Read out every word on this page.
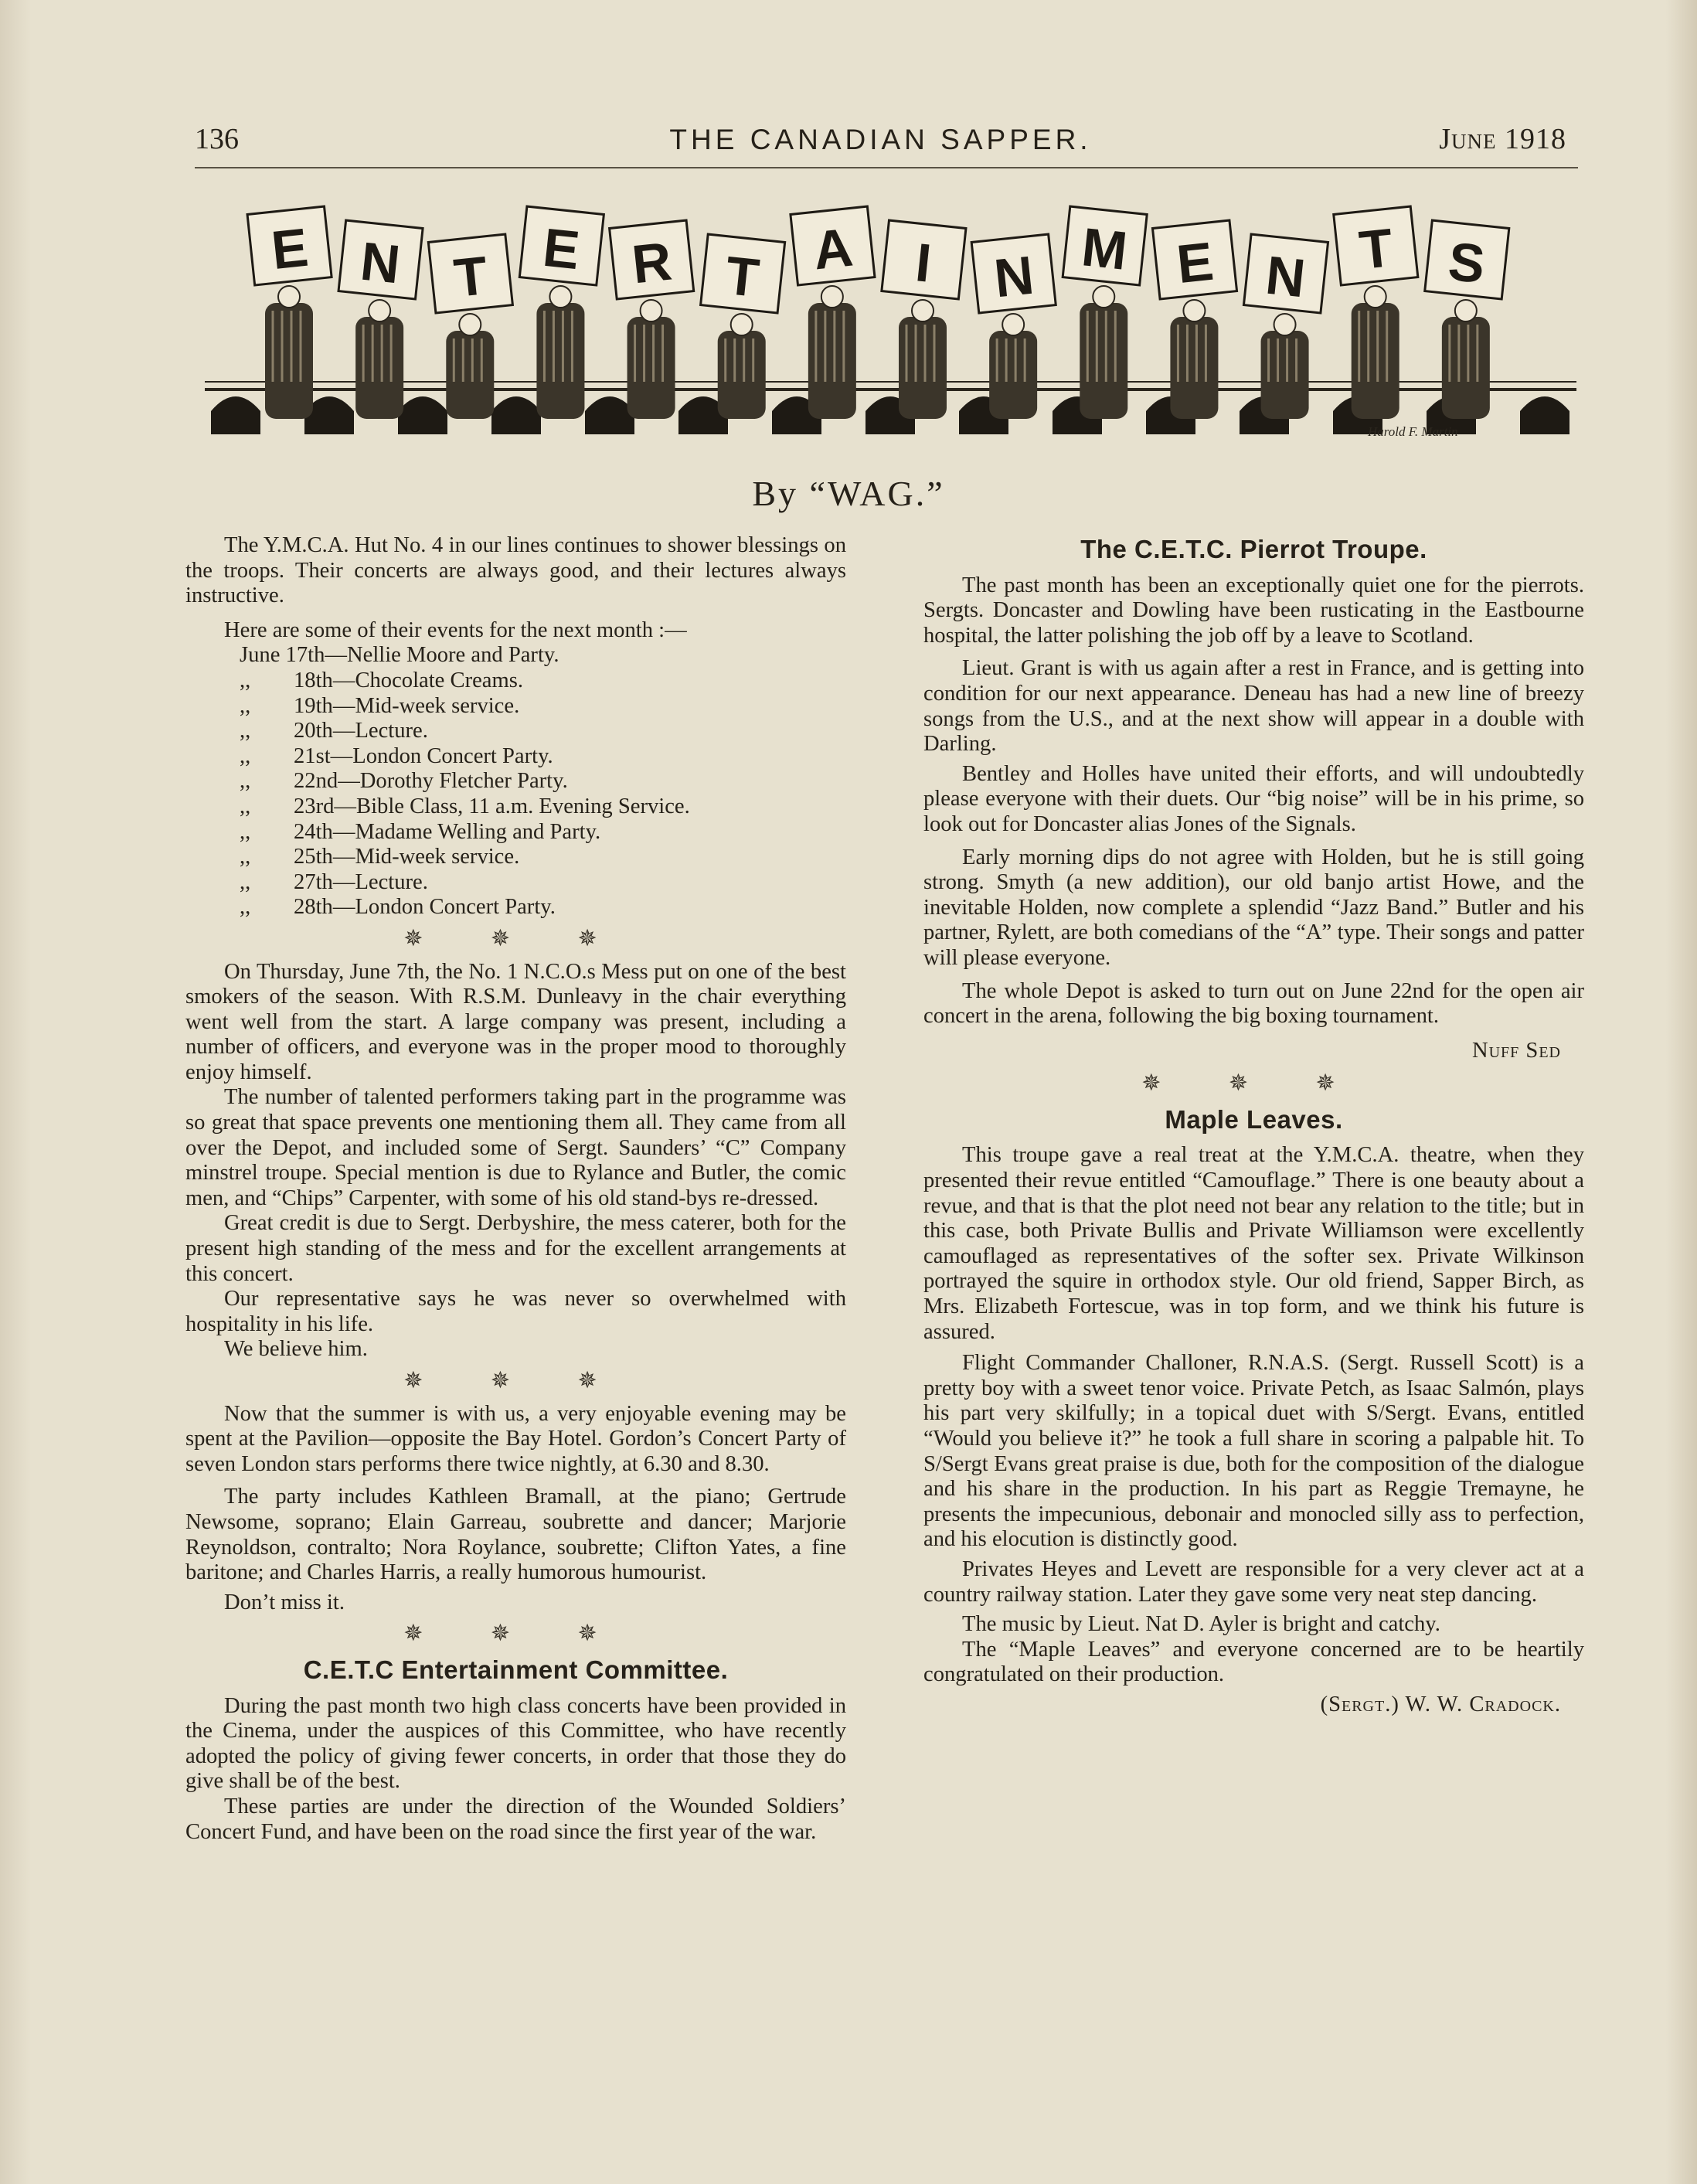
136	THE CANADIAN SAPPER.	June 1918
E N T E R T A I N M E N T S
Harold F. Martin
By “WAG.”

The Y.M.C.A. Hut No. 4 in our lines continues to shower blessings on the troops. Their concerts are always good, and their lectures always instructive.

Here are some of their events for the next month :—

June 17th—Nellie Moore and Party.
,, 18th—Chocolate Creams.
,, 19th—Mid-week service.
,, 20th—Lecture.
,, 21st—London Concert Party.
,, 22nd—Dorothy Fletcher Party.
,, 23rd—Bible Class, 11 a.m. Evening Service.
,, 24th—Madame Welling and Party.
,, 25th—Mid-week service.
,, 27th—Lecture.
,, 28th—London Concert Party.
✵ ✵ ✵

On Thursday, June 7th, the No. 1 N.C.O.s Mess put on one of the best smokers of the season. With R.S.M. Dunleavy in the chair everything went well from the start. A large company was present, including a number of officers, and everyone was in the proper mood to thoroughly enjoy himself.

The number of talented performers taking part in the programme was so great that space prevents one mentioning them all. They came from all over the Depot, and included some of Sergt. Saunders’ “C” Company minstrel troupe. Special mention is due to Rylance and Butler, the comic men, and “Chips” Carpenter, with some of his old stand-bys re-dressed.

Great credit is due to Sergt. Derbyshire, the mess caterer, both for the present high standing of the mess and for the excellent arrangements at this concert.

Our representative says he was never so overwhelmed with hospitality in his life.

We believe him.

✵ ✵ ✵

Now that the summer is with us, a very enjoyable evening may be spent at the Pavilion—opposite the Bay Hotel. Gordon’s Concert Party of seven London stars performs there twice nightly, at 6.30 and 8.30.

The party includes Kathleen Bramall, at the piano; Gertrude Newsome, soprano; Elain Garreau, soubrette and dancer; Marjorie Reynoldson, contralto; Nora Roylance, soubrette; Clifton Yates, a fine baritone; and Charles Harris, a really humorous humourist.

Don’t miss it.

✵ ✵ ✵
C.E.T.C Entertainment Committee.

During the past month two high class concerts have been provided in the Cinema, under the auspices of this Committee, who have recently adopted the policy of giving fewer concerts, in order that those they do give shall be of the best.

These parties are under the direction of the Wounded Soldiers’ Concert Fund, and have been on the road since the first year of the war.

The C.E.T.C. Pierrot Troupe.

The past month has been an exceptionally quiet one for the pierrots. Sergts. Doncaster and Dowling have been rusticating in the Eastbourne hospital, the latter polishing the job off by a leave to Scotland.

Lieut. Grant is with us again after a rest in France, and is getting into condition for our next appearance. Deneau has had a new line of breezy songs from the U.S., and at the next show will appear in a double with Darling.

Bentley and Holles have united their efforts, and will undoubtedly please everyone with their duets. Our “big noise” will be in his prime, so look out for Doncaster alias Jones of the Signals.

Early morning dips do not agree with Holden, but he is still going strong. Smyth (a new addition), our old banjo artist Howe, and the inevitable Holden, now complete a splendid “Jazz Band.” Butler and his partner, Rylett, are both comedians of the “A” type. Their songs and patter will please everyone.

The whole Depot is asked to turn out on June 22nd for the open air concert in the arena, following the big boxing tournament.

Nuff Sed
✵ ✵ ✵
Maple Leaves.

This troupe gave a real treat at the Y.M.C.A. theatre, when they presented their revue entitled “Camouflage.” There is one beauty about a revue, and that is that the plot need not bear any relation to the title; but in this case, both Private Bullis and Private Williamson were excellently camouflaged as representatives of the softer sex. Private Wilkinson portrayed the squire in orthodox style. Our old friend, Sapper Birch, as Mrs. Elizabeth Fortescue, was in top form, and we think his future is assured.

Flight Commander Challoner, R.N.A.S. (Sergt. Russell Scott) is a pretty boy with a sweet tenor voice. Private Petch, as Isaac Salmón, plays his part very skilfully; in a topical duet with S/Sergt. Evans, entitled “Would you believe it?” he took a full share in scoring a palpable hit. To S/Sergt Evans great praise is due, both for the composition of the dialogue and his share in the production. In his part as Reggie Tremayne, he presents the impecunious, debonair and monocled silly ass to perfection, and his elocution is distinctly good.

Privates Heyes and Levett are responsible for a very clever act at a country railway station. Later they gave some very neat step dancing.

The music by Lieut. Nat D. Ayler is bright and catchy.

The “Maple Leaves” and everyone concerned are to be heartily congratulated on their production.

(Sergt.) W. W. Cradock.
